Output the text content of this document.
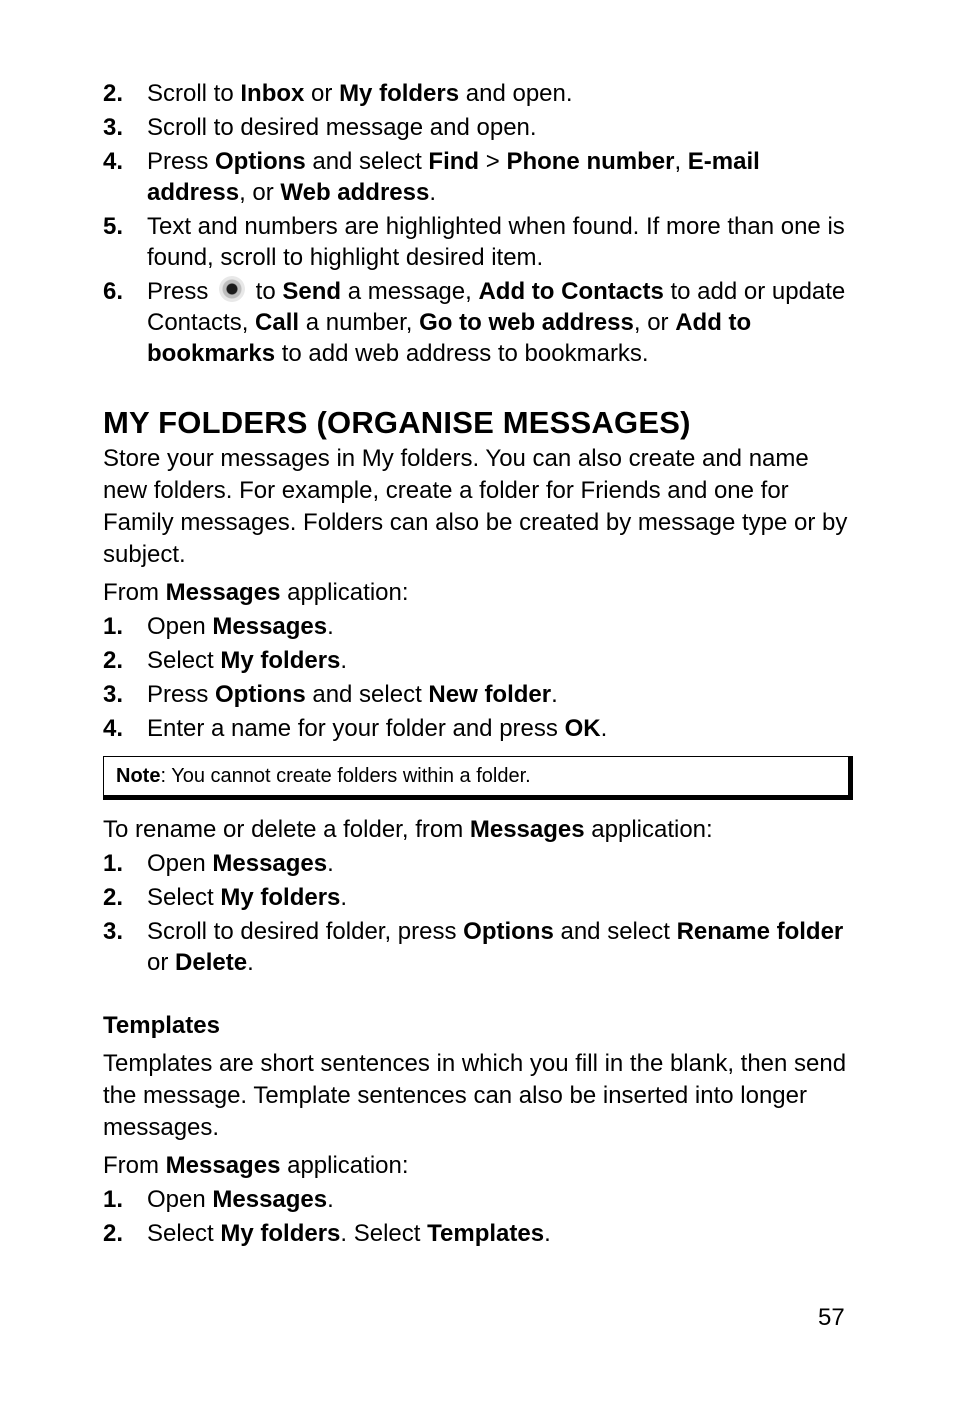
2. Scroll to Inbox or My folders and open.
3. Scroll to desired message and open.
4. Press Options and select Find > Phone number, E-mail address, or Web address.
5. Text and numbers are highlighted when found. If more than one is found, scroll to highlight desired item.
6. Press  to Send a message, Add to Contacts to add or update Contacts, Call a number, Go to web address, or Add to bookmarks to add web address to bookmarks.
MY FOLDERS (ORGANISE MESSAGES)

Store your messages in My folders. You can also create and name new folders. For example, create a folder for Friends and one for Family messages. Folders can also be created by message type or by subject.

From Messages application:

1. Open Messages.
2. Select My folders.
3. Press Options and select New folder.
4. Enter a name for your folder and press OK.
Note: You cannot create folders within a folder.

To rename or delete a folder, from Messages application:

1. Open Messages.
2. Select My folders.
3. Scroll to desired folder, press Options and select Rename folder or Delete.
Templates

Templates are short sentences in which you fill in the blank, then send the message. Template sentences can also be inserted into longer messages.

From Messages application:

1. Open Messages.
2. Select My folders. Select Templates.
57
